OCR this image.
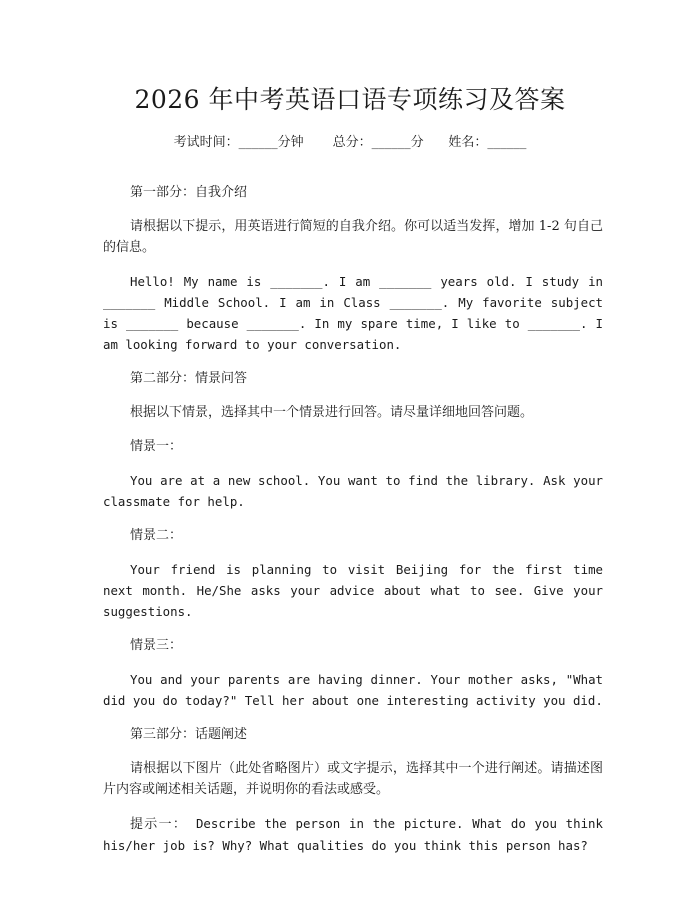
2026 年中考英语口语专项练习及答案
考试时间：______分钟 总分：______分 姓名：______

第一部分：自我介绍

请根据以下提示，用英语进行简短的自我介绍。你可以适当发挥，增加 1-2 句自己的信息。

Hello! My name is _______. I am _______ years old. I study in _______ Middle School. I am in Class _______. My favorite subject is _______ because _______. In my spare time, I like to _______. I am looking forward to your conversation.

第二部分：情景问答

根据以下情景，选择其中一个情景进行回答。请尽量详细地回答问题。

情景一：

You are at a new school. You want to find the library. Ask your classmate for help.

情景二：

Your friend is planning to visit Beijing for the first time next month. He/She asks your advice about what to see. Give your suggestions.

情景三：

You and your parents are having dinner. Your mother asks, "What did you do today?" Tell her about one interesting activity you did.

第三部分：话题阐述

请根据以下图片（此处省略图片）或文字提示，选择其中一个进行阐述。请描述图片内容或阐述相关话题，并说明你的看法或感受。

提示一： Describe the person in the picture. What do you think his/her job is? Why? What qualities do you think this person has?
